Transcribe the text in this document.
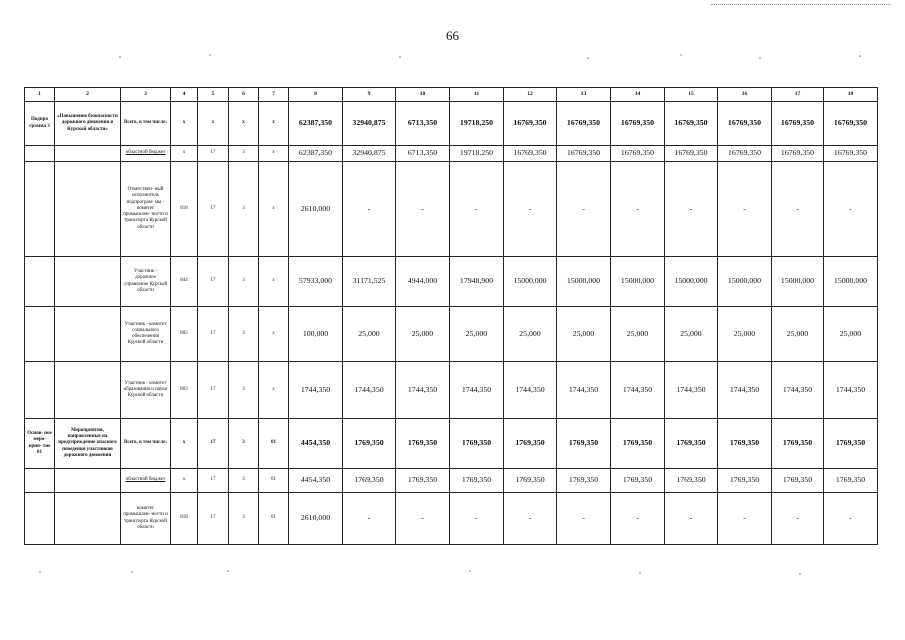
66
1	2	3	4	5	6	7	8	9	10	11	12	13	14	15	16	17	18
Подпро грамма 3	«Повышение безопасности дорожного движения в Курской области»	Всего, в том числе:	х	х	х	х	62387,350	32940,875	6713,350	19718,250	16769,350	16769,350	16769,350	16769,350	16769,350	16769,350	16769,350
		областной бюджет	х	17	3	х	62387,350	32940,875	6713,350	19718,250	16769,350	16769,350	16769,350	16769,350	16769,350	16769,350	16769,350
		Ответствен- ный исполнитель подпрограм- мы - комитет промышлен- ности и транспорта Курской области	818	17	3	х	2610,000	-	-	-	-	-	-	-	-	-	-
		Участник - дорожное управление Курской области	844	17	3	х	57933,000	31171,525	4944,000	17948,900	15000,000	15000,000	15000,000	15000,000	15000,000	15000,000	15000,000
		Участник - комитет социального обеспечения Курской области	805	17	3	х	100,000	25,000	25,000	25,000	25,000	25,000	25,000	25,000	25,000	25,000	25,000
		Участник - комитет образования и науки Курской области	803	17	3	х	1744,350	1744,350	1744,350	1744,350	1744,350	1744,350	1744,350	1744,350	1744,350	1744,350	1744,350
Основ- ное меро- прия- тие 01	Мероприятия, направленные на предупреждение опасного поведения участников дорожного движения	Всего, в том числе:	х	17	3	01	4454,350	1769,350	1769,350	1769,350	1769,350	1769,350	1769,350	1769,350	1769,350	1769,350	1769,350
		областной бюджет	х	17	3	01	4454,350	1769,350	1769,350	1769,350	1769,350	1769,350	1769,350	1769,350	1769,350	1769,350	1769,350
		комитет промышлен- ности и транспорта Курской области	818	17	3	01	2610,000	-	-	-	-	-	-	-	-	-	-
